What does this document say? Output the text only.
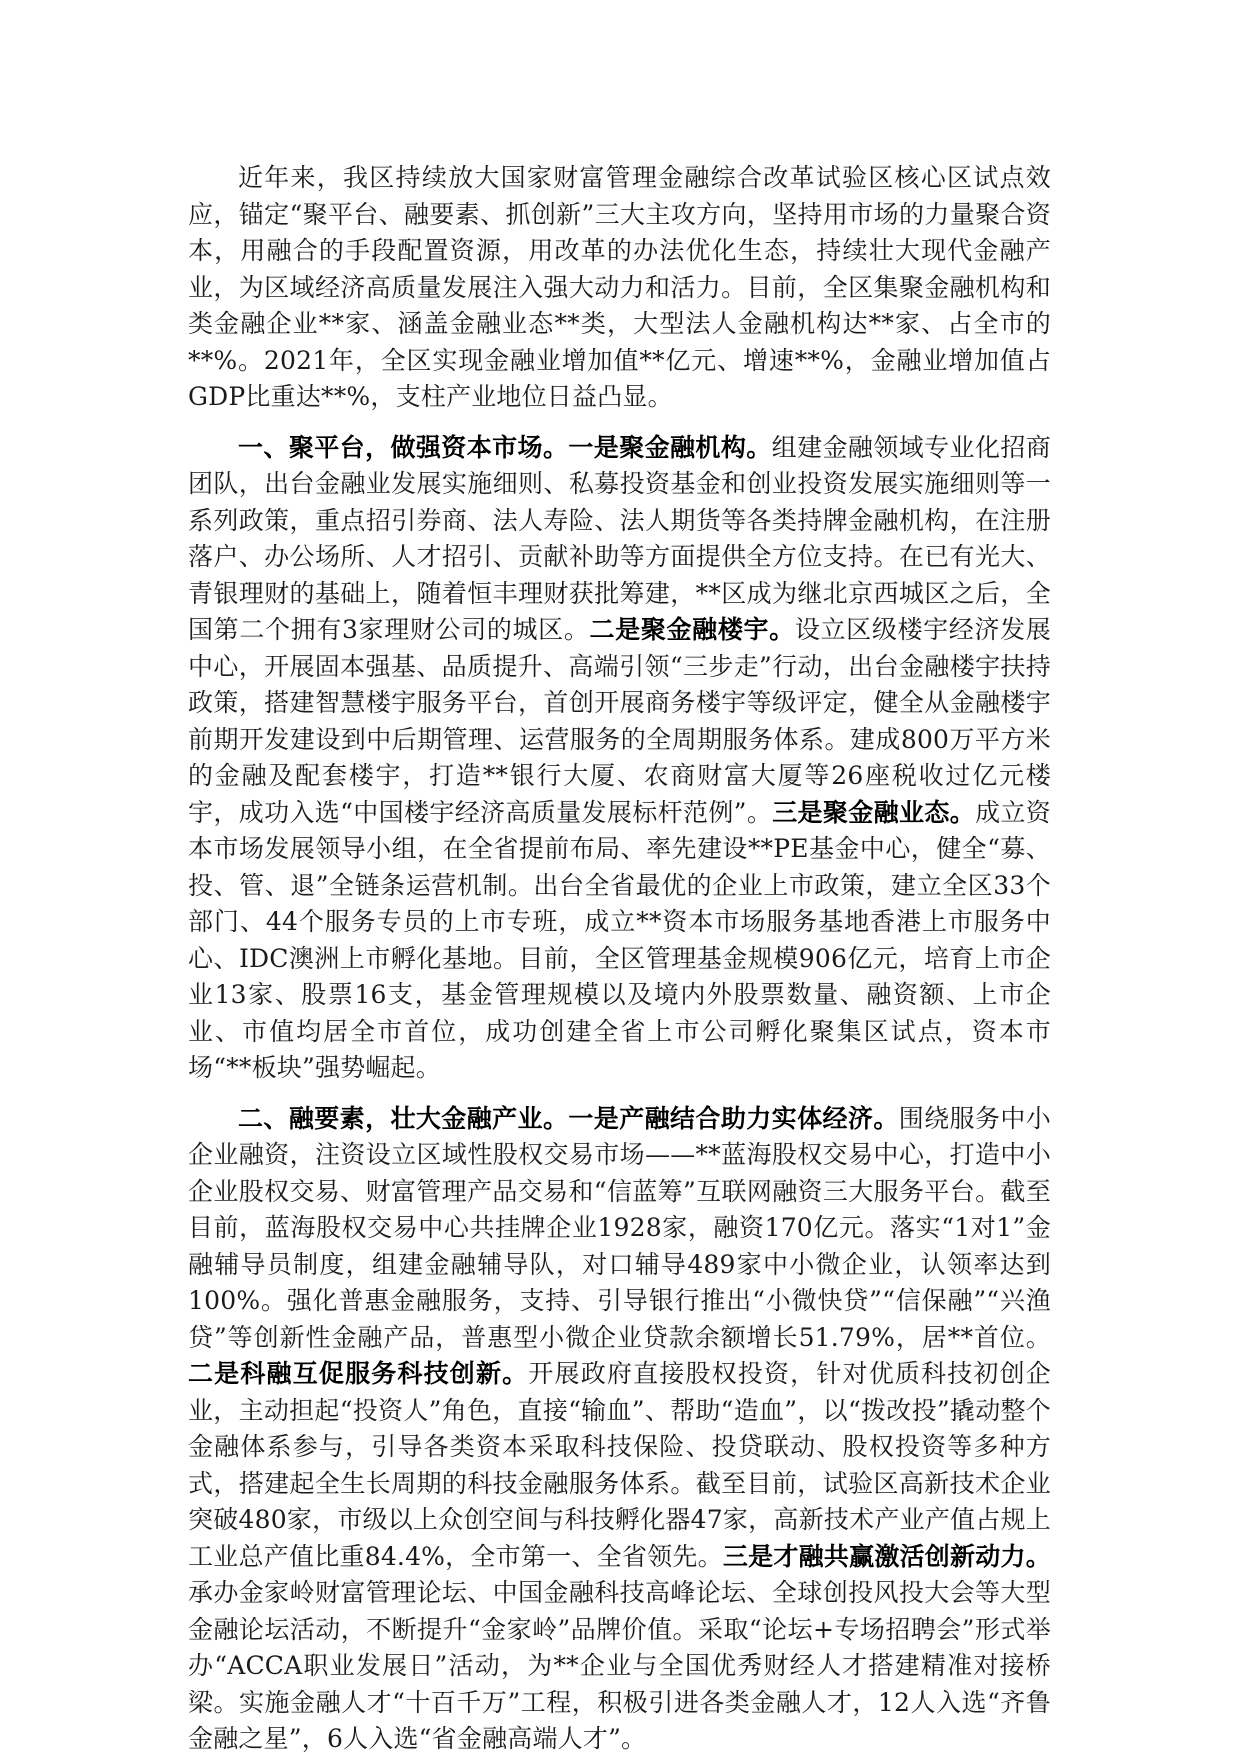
近年来，我区持续放大国家财富管理金融综合改革试验区核心区试点效应，锚定“聚平台、融要素、抓创新”三大主攻方向，坚持用市场的力量聚合资本，用融合的手段配置资源，用改革的办法优化生态，持续壮大现代金融产业，为区域经济高质量发展注入强大动力和活力。目前，全区集聚金融机构和类金融企业**家、涵盖金融业态**类，大型法人金融机构达**家、占全市的**%。2021年，全区实现金融业增加值**亿元、增速**%，金融业增加值占GDP比重达**%，支柱产业地位日益凸显。

一、聚平台，做强资本市场。一是聚金融机构。组建金融领域专业化招商团队，出台金融业发展实施细则、私募投资基金和创业投资发展实施细则等一系列政策，重点招引券商、法人寿险、法人期货等各类持牌金融机构，在注册落户、办公场所、人才招引、贡献补助等方面提供全方位支持。在已有光大、青银理财的基础上，随着恒丰理财获批筹建，**区成为继北京西城区之后，全国第二个拥有3家理财公司的城区。二是聚金融楼宇。设立区级楼宇经济发展中心，开展固本强基、品质提升、高端引领“三步走”行动，出台金融楼宇扶持政策，搭建智慧楼宇服务平台，首创开展商务楼宇等级评定，健全从金融楼宇前期开发建设到中后期管理、运营服务的全周期服务体系。建成800万平方米的金融及配套楼宇，打造**银行大厦、农商财富大厦等26座税收过亿元楼宇，成功入选“中国楼宇经济高质量发展标杆范例”。三是聚金融业态。成立资本市场发展领导小组，在全省提前布局、率先建设**PE基金中心，健全“募、投、管、退”全链条运营机制。出台全省最优的企业上市政策，建立全区33个部门、44个服务专员的上市专班，成立**资本市场服务基地香港上市服务中心、IDC澳洲上市孵化基地。目前，全区管理基金规模906亿元，培育上市企业13家、股票16支，基金管理规模以及境内外股票数量、融资额、上市企业、市值均居全市首位，成功创建全省上市公司孵化聚集区试点，资本市场“**板块”强势崛起。

二、融要素，壮大金融产业。一是产融结合助力实体经济。围绕服务中小企业融资，注资设立区域性股权交易市场——**蓝海股权交易中心，打造中小企业股权交易、财富管理产品交易和“信蓝筹”互联网融资三大服务平台。截至目前，蓝海股权交易中心共挂牌企业1928家，融资170亿元。落实“1对1”金融辅导员制度，组建金融辅导队，对口辅导489家中小微企业，认领率达到100%。强化普惠金融服务，支持、引导银行推出“小微快贷”“信保融”“兴渔贷”等创新性金融产品，普惠型小微企业贷款余额增长51.79%，居**首位。二是科融互促服务科技创新。开展政府直接股权投资，针对优质科技初创企业，主动担起“投资人”角色，直接“输血”、帮助“造血”，以“拨改投”撬动整个金融体系参与，引导各类资本采取科技保险、投贷联动、股权投资等多种方式，搭建起全生长周期的科技金融服务体系。截至目前，试验区高新技术企业突破480家，市级以上众创空间与科技孵化器47家，高新技术产业产值占规上工业总产值比重84.4%，全市第一、全省领先。三是才融共赢激活创新动力。承办金家岭财富管理论坛、中国金融科技高峰论坛、全球创投风投大会等大型金融论坛活动，不断提升“金家岭”品牌价值。采取“论坛+专场招聘会”形式举办“ACCA职业发展日”活动，为**企业与全国优秀财经人才搭建精准对接桥梁。实施金融人才“十百千万”工程，积极引进各类金融人才，12人入选“齐鲁金融之星”，6人入选“省金融高端人才”。
